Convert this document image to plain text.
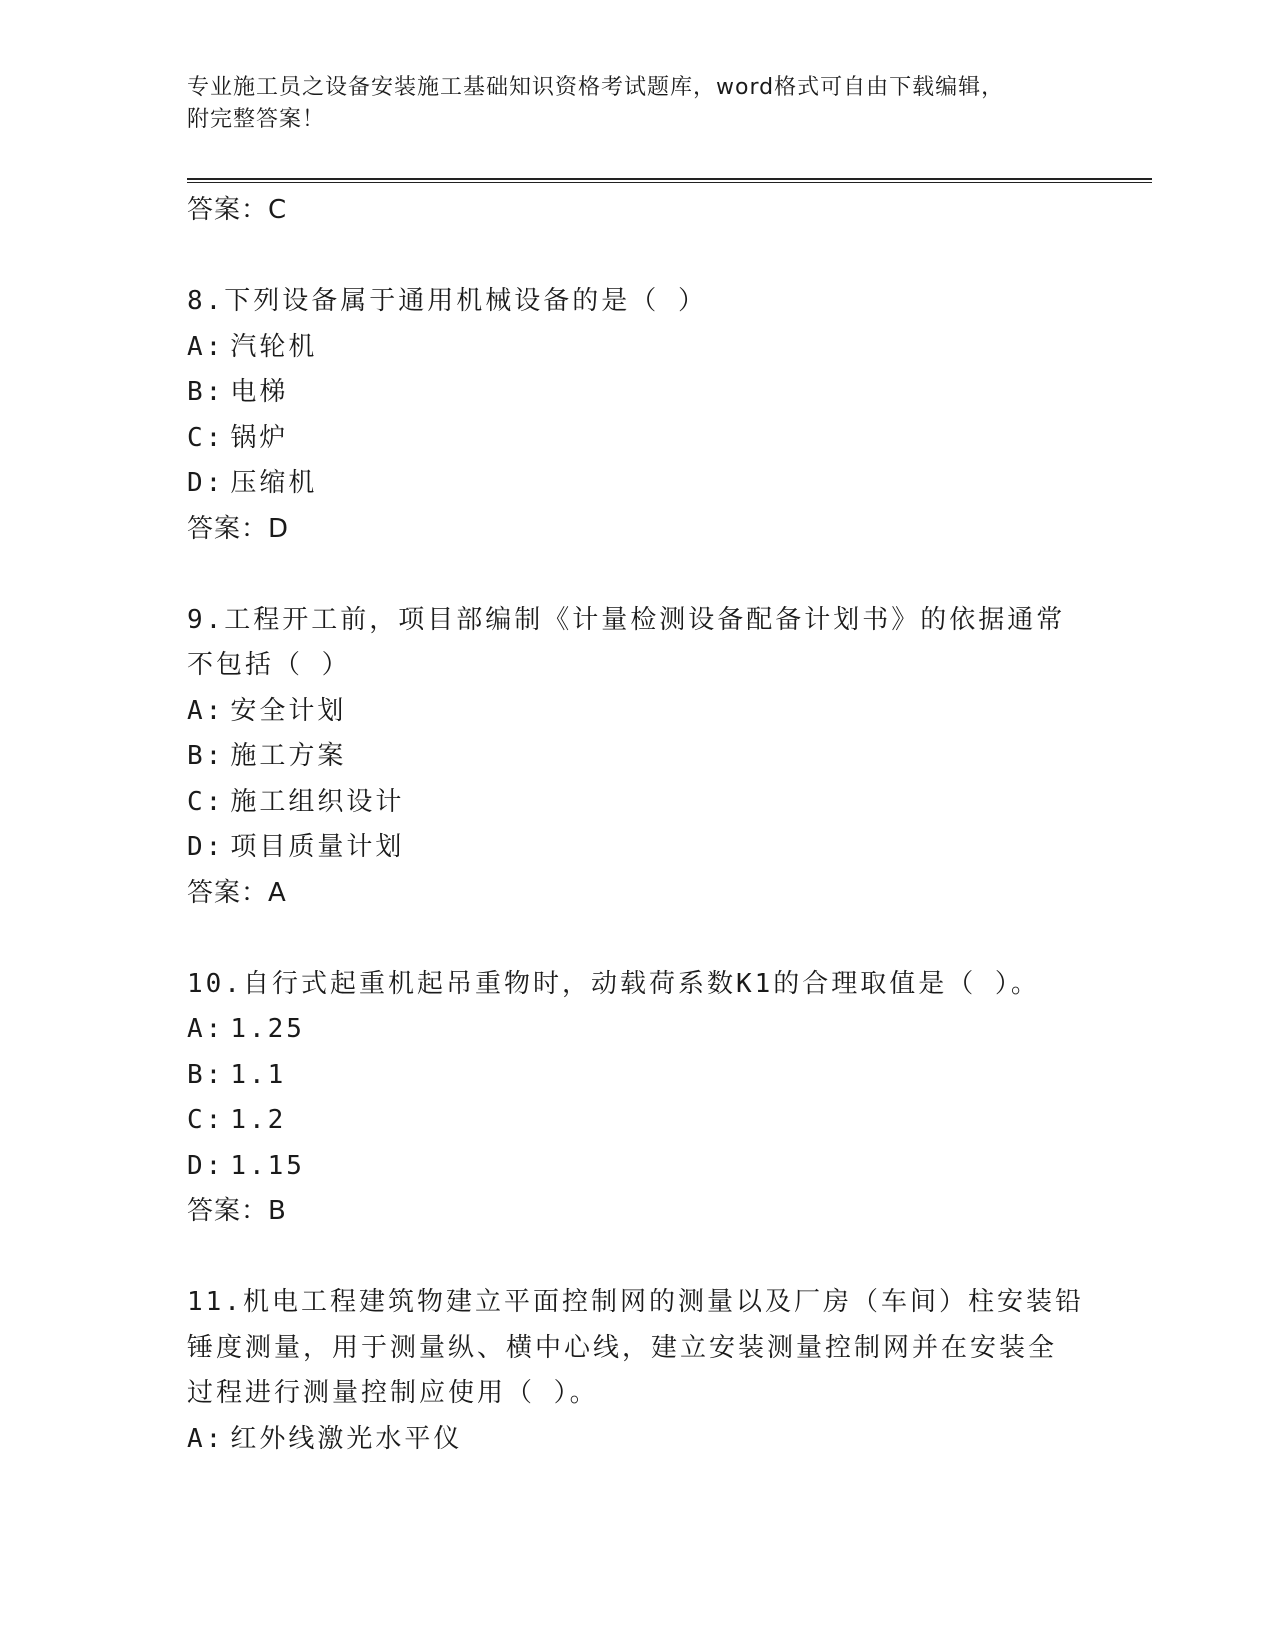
专业施工员之设备安装施工基础知识资格考试题库，word格式可自由下载编辑，
附完整答案！
答案：C
8.下列设备属于通用机械设备的是（ ）
A: 汽轮机
B: 电梯
C: 锅炉
D: 压缩机
答案：D
9.工程开工前，项目部编制《计量检测设备配备计划书》的依据通常
不包括（ ）
A: 安全计划
B: 施工方案
C: 施工组织设计
D: 项目质量计划
答案：A
10.自行式起重机起吊重物时，动载荷系数K1的合理取值是（ ）。
A: 1.25
B: 1.1
C: 1.2
D: 1.15
答案：B
11.机电工程建筑物建立平面控制网的测量以及厂房（车间）柱安装铅
锤度测量，用于测量纵、横中心线，建立安装测量控制网并在安装全
过程进行测量控制应使用（ ）。
A: 红外线激光水平仪
